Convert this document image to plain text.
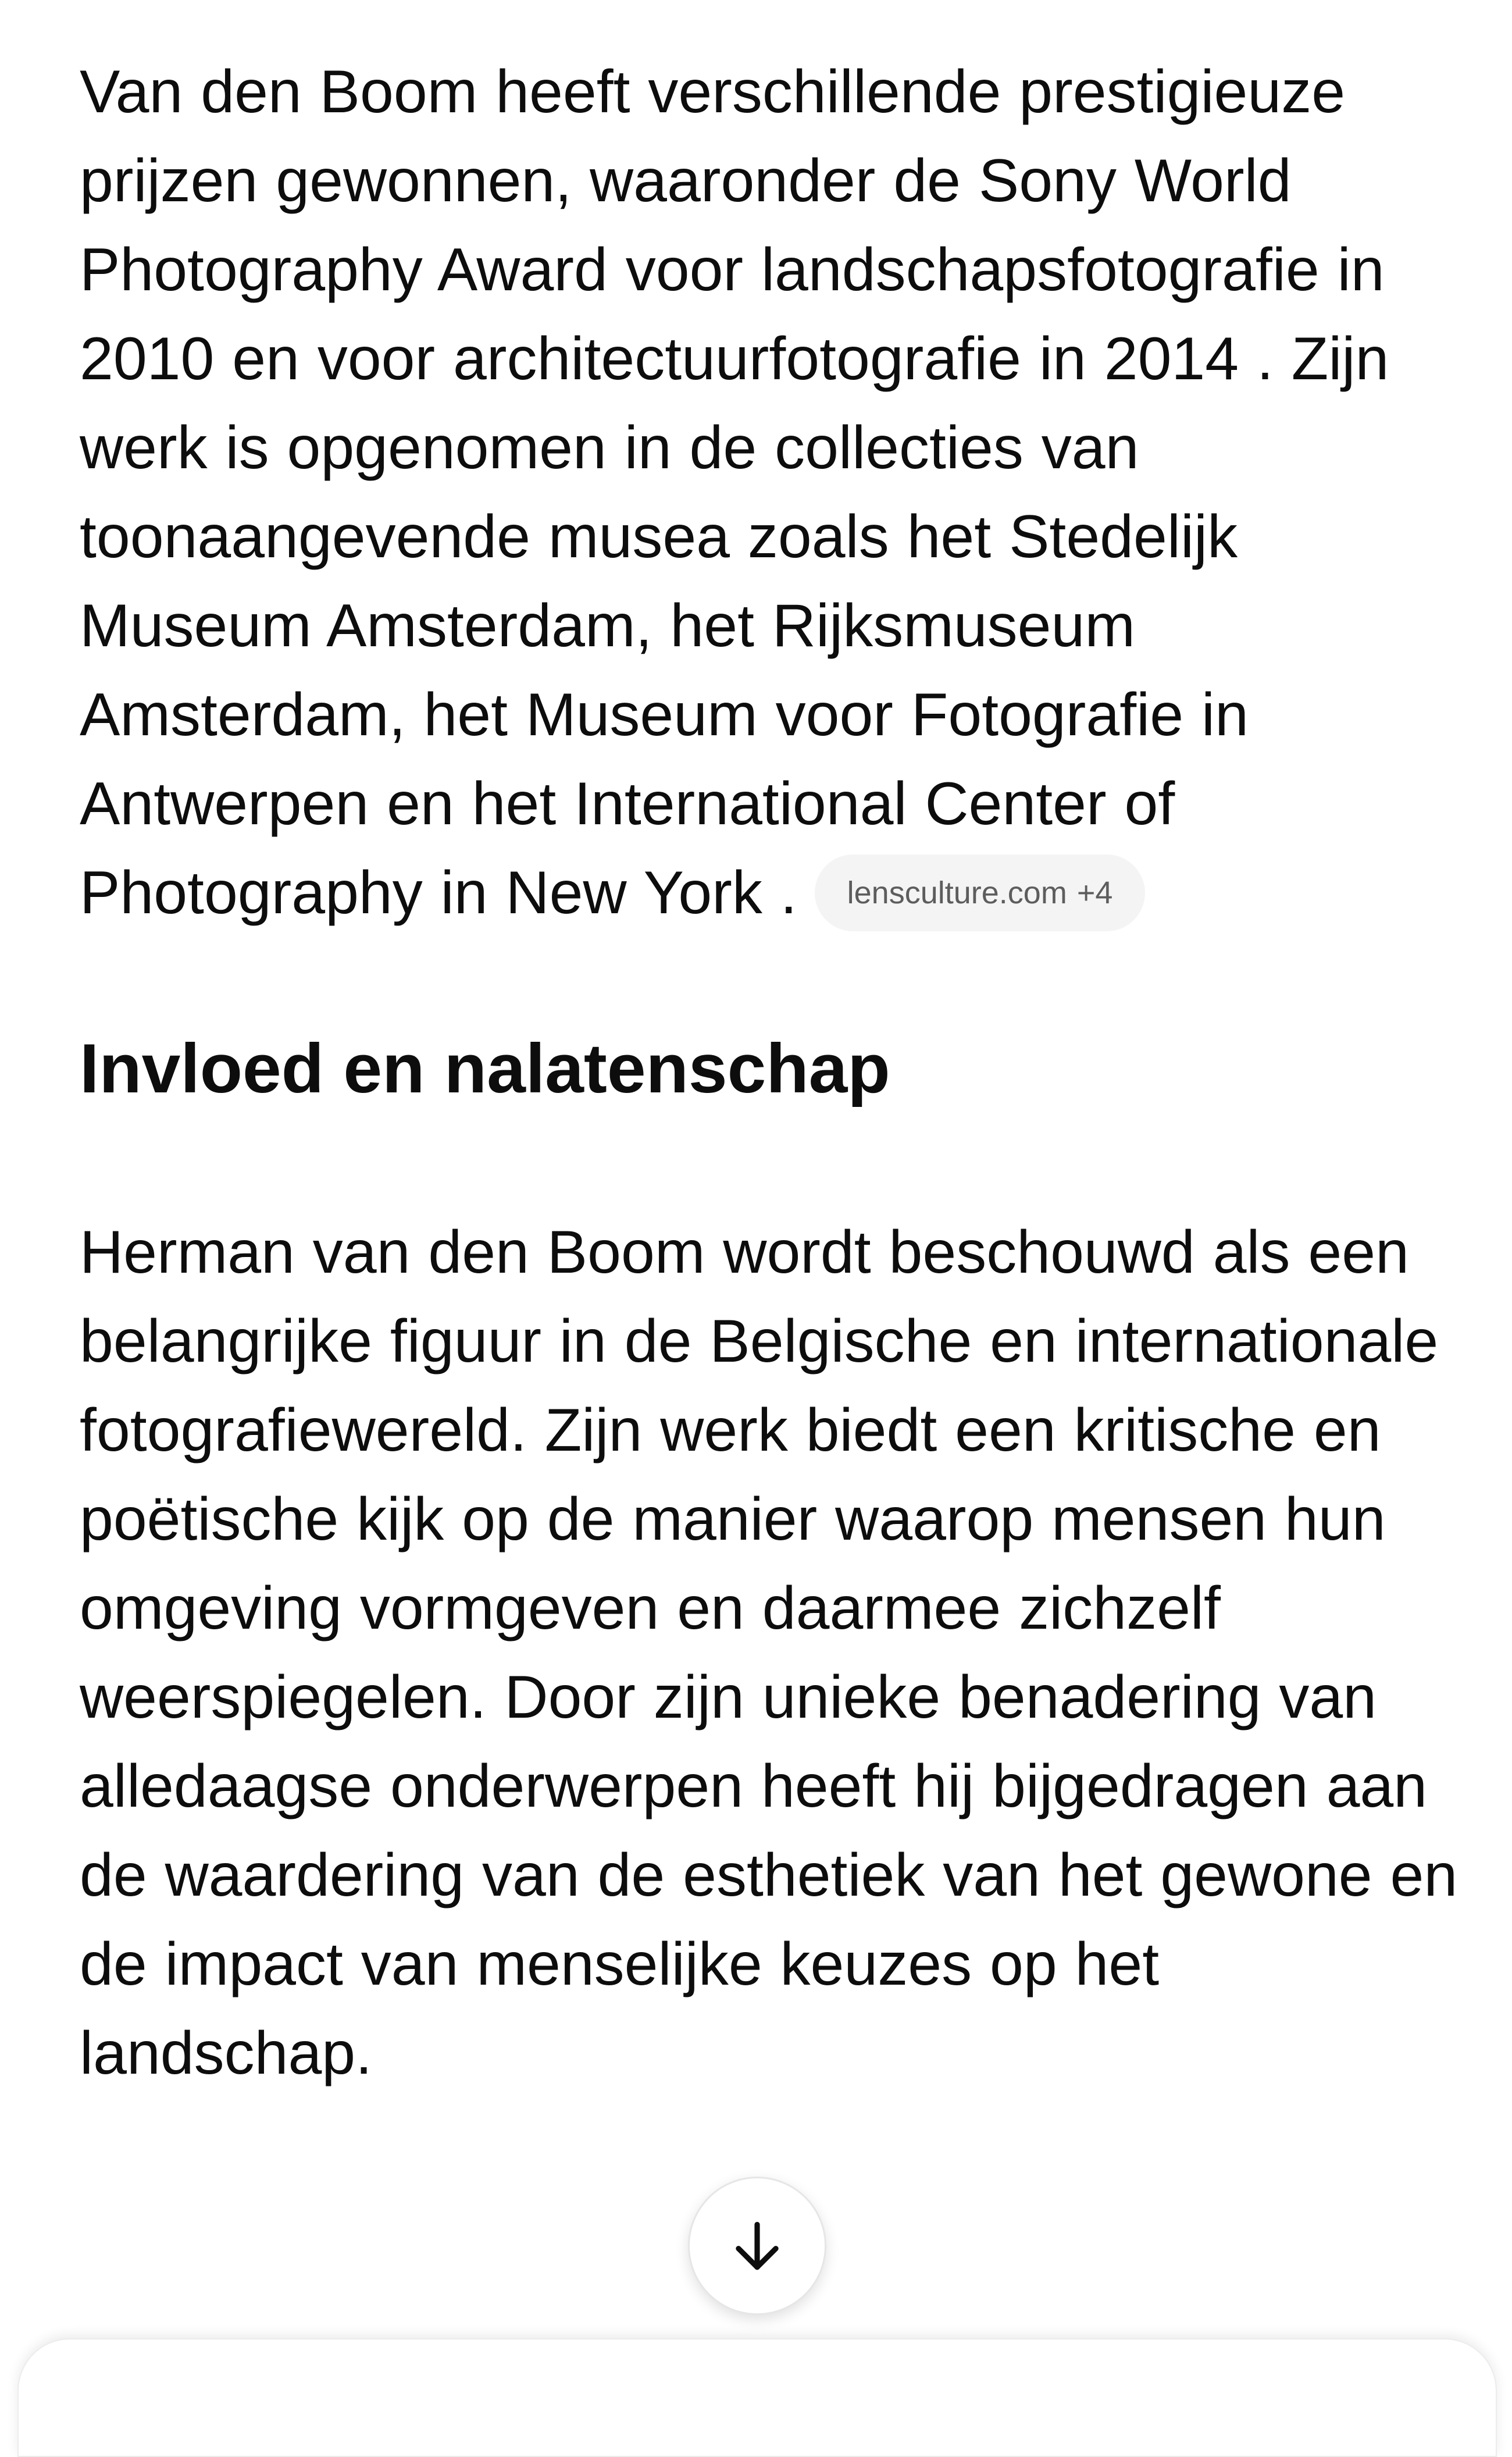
Van den Boom heeft verschillende prestigieuze prijzen gewonnen, waaronder de Sony World Photography Award voor landschapsfotografie in 2010 en voor architectuurfotografie in 2014 . Zijn werk is opgenomen in de collecties van toonaangevende musea zoals het Stedelijk Museum Amsterdam, het Rijksmuseum Amsterdam, het Museum voor Fotografie in Antwerpen en het International Center of Photography in New York . lensculture.com +4

Invloed en nalatenschap

Herman van den Boom wordt beschouwd als een belangrijke figuur in de Belgische en internationale fotografiewereld. Zijn werk biedt een kritische en poëtische kijk op de manier waarop mensen hun omgeving vormgeven en daarmee zichzelf weerspiegelen. Door zijn unieke benadering van alledaagse onderwerpen heeft hij bijgedragen aan de waardering van de esthetiek van het gewone en de impact van menselijke keuzes op het landschap.
